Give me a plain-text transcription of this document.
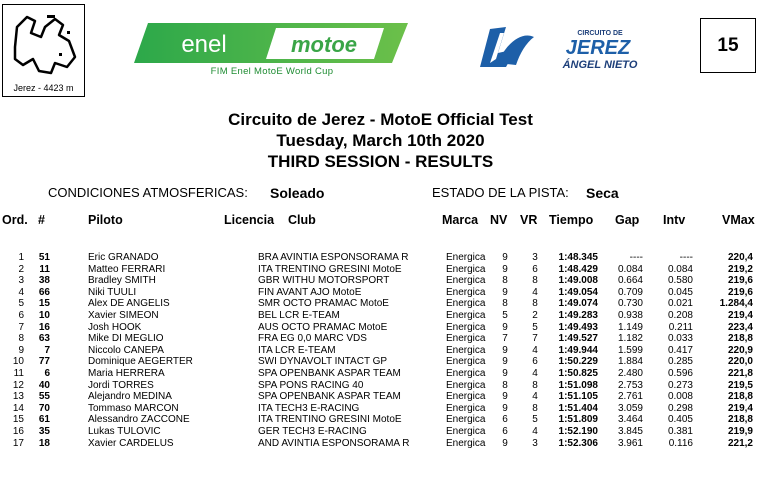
Jerez - 4423 m
enel	motoe
FIM Enel MotoE World Cup
CIRCUITO DE
JEREZ
ÁNGEL NIETO
15
Circuito de Jerez - MotoE Official Test
Tuesday, March 10th 2020
THIRD SESSION - RESULTS
CONDICIONES ATMOSFERICAS: Soleado	ESTADO DE LA PISTA: Seca
Ord. #	Piloto	Licencia Club	Marca NV VR Tiempo Gap Intv	VMax
1	51	Eric GRANADO	BRA AVINTIA ESPONSORAMA R	Energica	9	3	1:48.345	----	----	220,4
2	11	Matteo FERRARI	ITA TRENTINO GRESINI MotoE	Energica	9	6	1:48.429	0.084	0.084	219,2
3	38	Bradley SMITH	GBR WITHU MOTORSPORT	Energica	8	8	1:49.008	0.664	0.580	219,6
4	66	Niki TUULI	FIN AVANT AJO MotoE	Energica	9	4	1:49.054	0.709	0.045	219,6
5	15	Alex DE ANGELIS	SMR OCTO PRAMAC MotoE	Energica	8	8	1:49.074	0.730	0.021	1.284,4
6	10	Xavier SIMEON	BEL LCR E-TEAM	Energica	5	2	1:49.283	0.938	0.208	219,4
7	16	Josh HOOK	AUS OCTO PRAMAC MotoE	Energica	9	5	1:49.493	1.149	0.211	223,4
8	63	Mike DI MEGLIO	FRA EG 0,0 MARC VDS	Energica	7	7	1:49.527	1.182	0.033	218,8
9	7	Niccolo CANEPA	ITA LCR E-TEAM	Energica	9	4	1:49.944	1.599	0.417	220,9
10	77	Dominique AEGERTER	SWI DYNAVOLT INTACT GP	Energica	9	6	1:50.229	1.884	0.285	220,0
11	6	Maria HERRERA	SPA OPENBANK ASPAR TEAM	Energica	9	4	1:50.825	2.480	0.596	221,8
12	40	Jordi TORRES	SPA PONS RACING 40	Energica	8	8	1:51.098	2.753	0.273	219,5
13	55	Alejandro MEDINA	SPA OPENBANK ASPAR TEAM	Energica	9	4	1:51.105	2.761	0.008	218,8
14	70	Tommaso MARCON	ITA TECH3 E-RACING	Energica	9	8	1:51.404	3.059	0.298	219,4
15	61	Alessandro ZACCONE	ITA TRENTINO GRESINI MotoE	Energica	6	5	1:51.809	3.464	0.405	218,8
16	35	Lukas TULOVIC	GER TECH3 E-RACING	Energica	6	4	1:52.190	3.845	0.381	219,9
17	18	Xavier CARDELUS	AND AVINTIA ESPONSORAMA R	Energica	9	3	1:52.306	3.961	0.116	221,2
